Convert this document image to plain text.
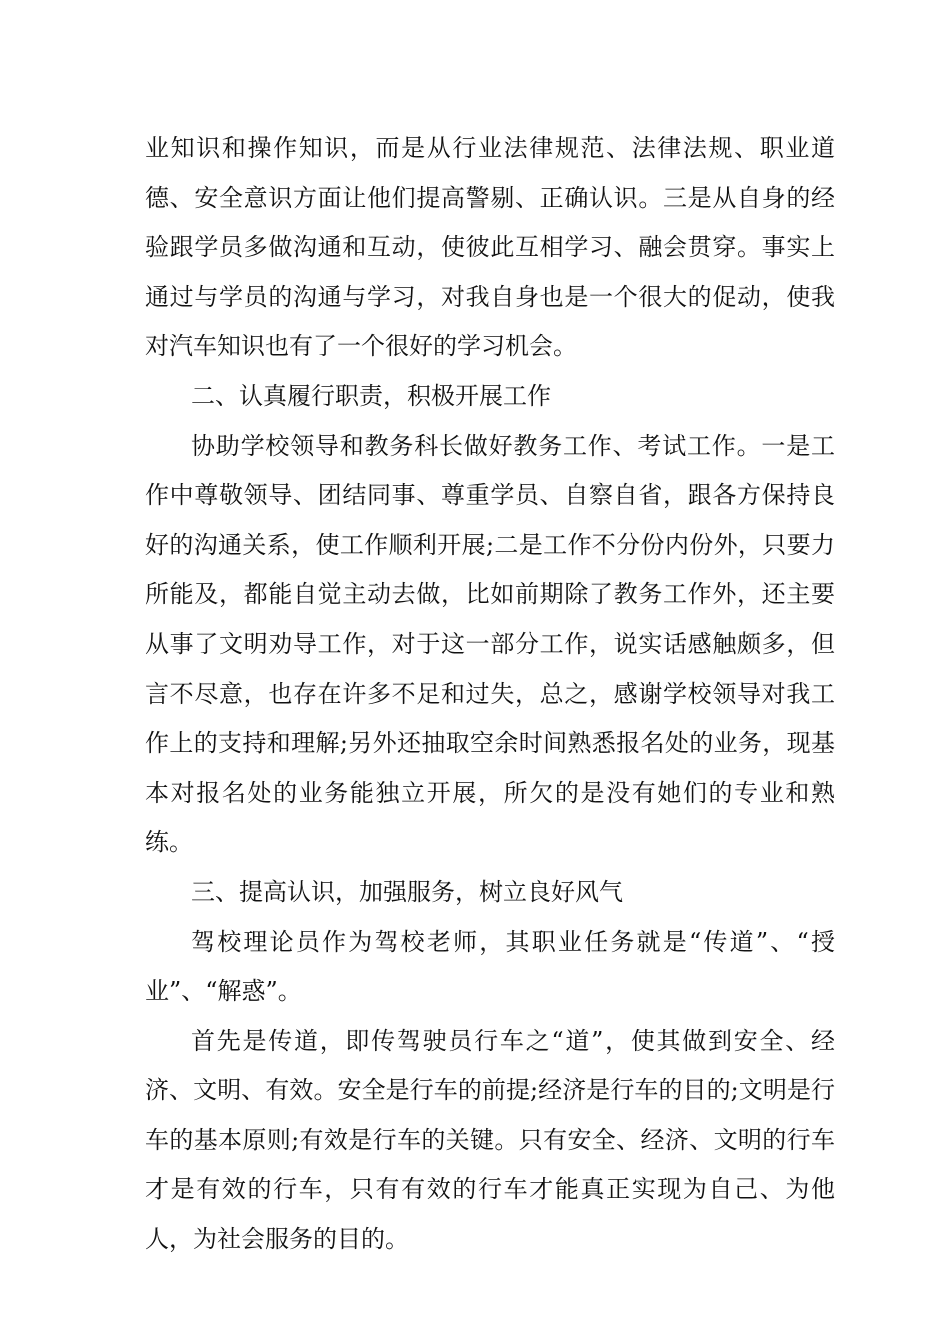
业知识和操作知识，而是从行业法律规范、法律法规、职业道德、安全意识方面让他们提高警剔、正确认识。三是从自身的经验跟学员多做沟通和互动，使彼此互相学习、融会贯穿。事实上通过与学员的沟通与学习，对我自身也是一个很大的促动，使我对汽车知识也有了一个很好的学习机会。

二、认真履行职责，积极开展工作

协助学校领导和教务科长做好教务工作、考试工作。一是工作中尊敬领导、团结同事、尊重学员、自察自省，跟各方保持良好的沟通关系，使工作顺利开展;二是工作不分份内份外，只要力所能及，都能自觉主动去做，比如前期除了教务工作外，还主要从事了文明劝导工作，对于这一部分工作，说实话感触颇多，但言不尽意，也存在许多不足和过失，总之，感谢学校领导对我工作上的支持和理解;另外还抽取空余时间熟悉报名处的业务，现基本对报名处的业务能独立开展，所欠的是没有她们的专业和熟练。

三、提高认识，加强服务，树立良好风气

驾校理论员作为驾校老师，其职业任务就是“传道”、“授业”、“解惑”。

首先是传道，即传驾驶员行车之“道”，使其做到安全、经济、文明、有效。安全是行车的前提;经济是行车的目的;文明是行车的基本原则;有效是行车的关键。只有安全、经济、文明的行车才是有效的行车，只有有效的行车才能真正实现为自己、为他人，为社会服务的目的。
